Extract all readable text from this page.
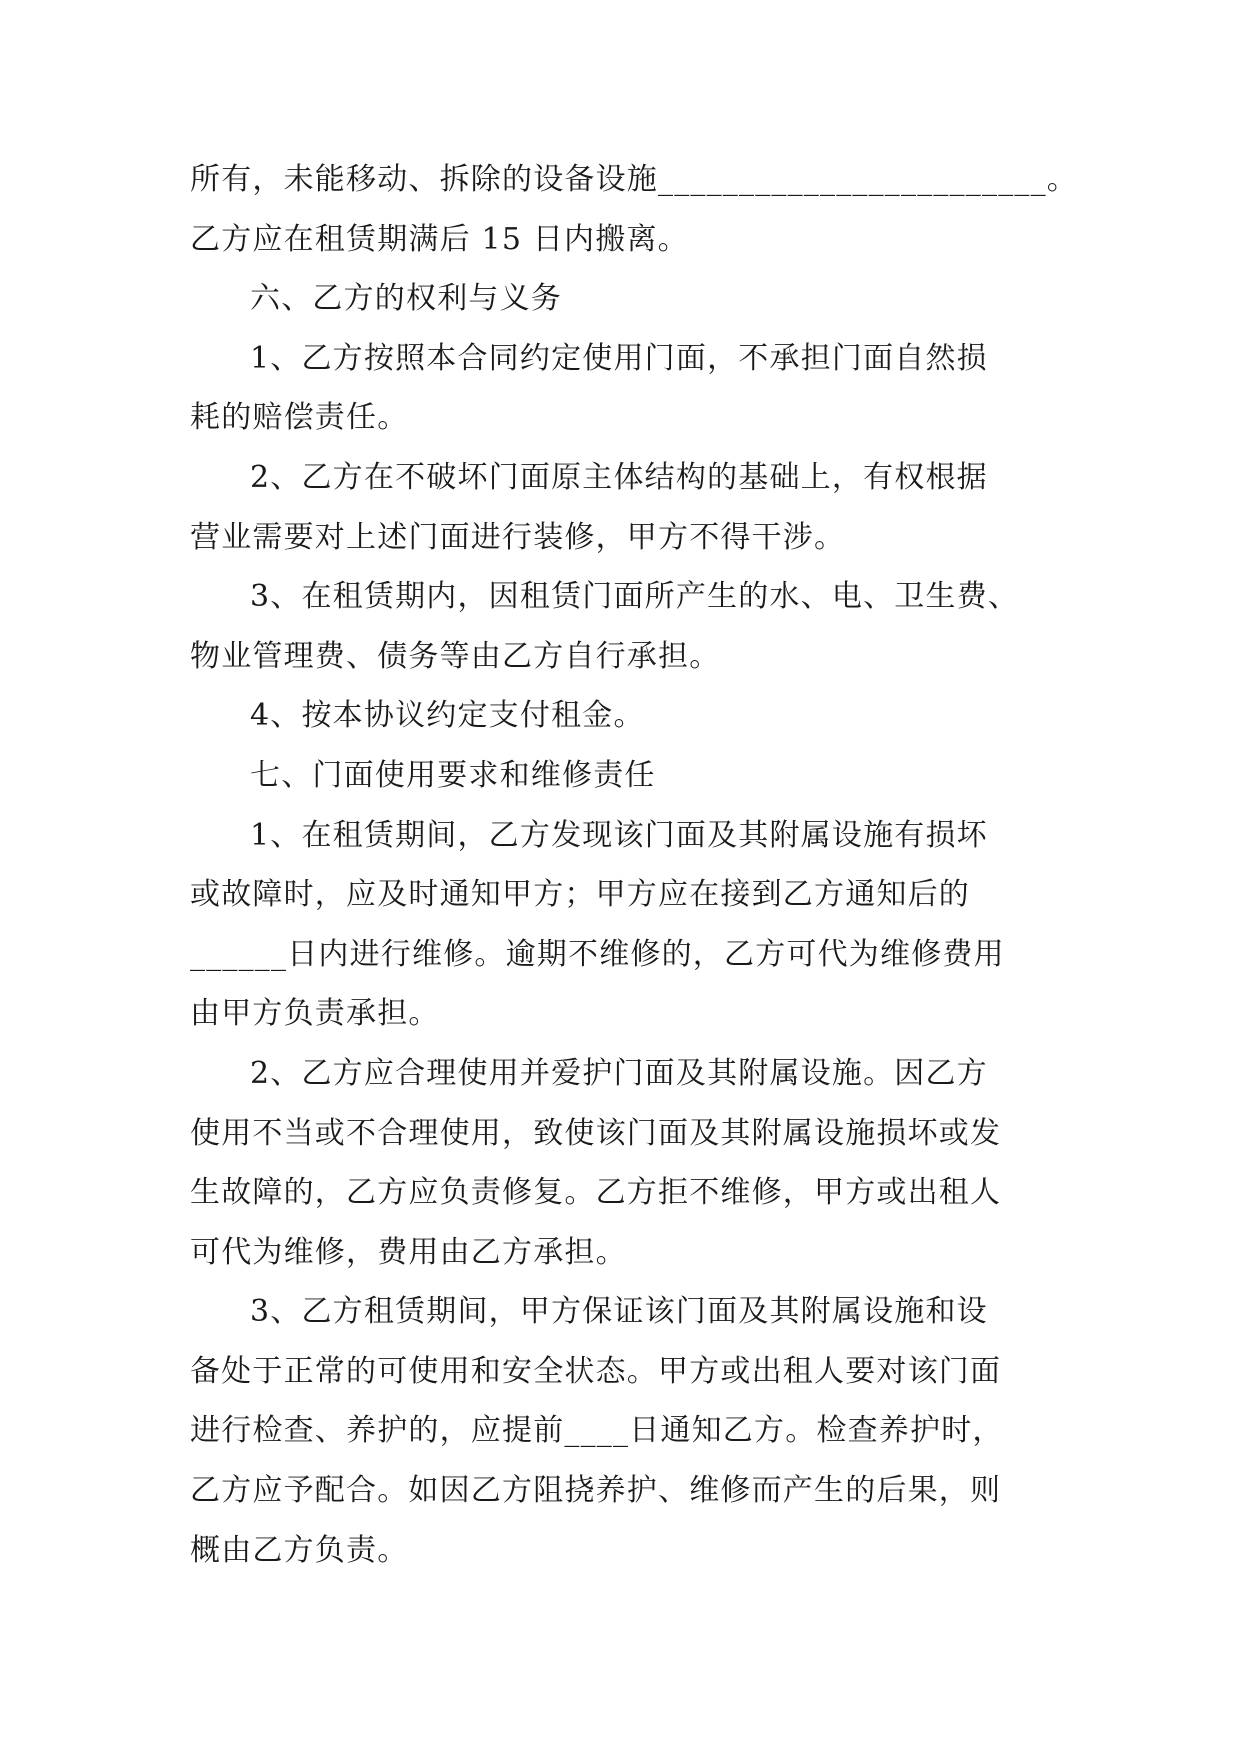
所有，未能移动、拆除的设备设施________________________。
乙方应在租赁期满后 15 日内搬离。
六、乙方的权利与义务
1、乙方按照本合同约定使用门面，不承担门面自然损
耗的赔偿责任。
2、乙方在不破坏门面原主体结构的基础上，有权根据
营业需要对上述门面进行装修，甲方不得干涉。
3、在租赁期内，因租赁门面所产生的水、电、卫生费、
物业管理费、债务等由乙方自行承担。
4、按本协议约定支付租金。
七、门面使用要求和维修责任
1、在租赁期间，乙方发现该门面及其附属设施有损坏
或故障时，应及时通知甲方；甲方应在接到乙方通知后的
______日内进行维修。逾期不维修的，乙方可代为维修费用
由甲方负责承担。
2、乙方应合理使用并爱护门面及其附属设施。因乙方
使用不当或不合理使用，致使该门面及其附属设施损坏或发
生故障的，乙方应负责修复。乙方拒不维修，甲方或出租人
可代为维修，费用由乙方承担。
3、乙方租赁期间，甲方保证该门面及其附属设施和设
备处于正常的可使用和安全状态。甲方或出租人要对该门面
进行检查、养护的，应提前____日通知乙方。检查养护时，
乙方应予配合。如因乙方阻挠养护、维修而产生的后果，则
概由乙方负责。
